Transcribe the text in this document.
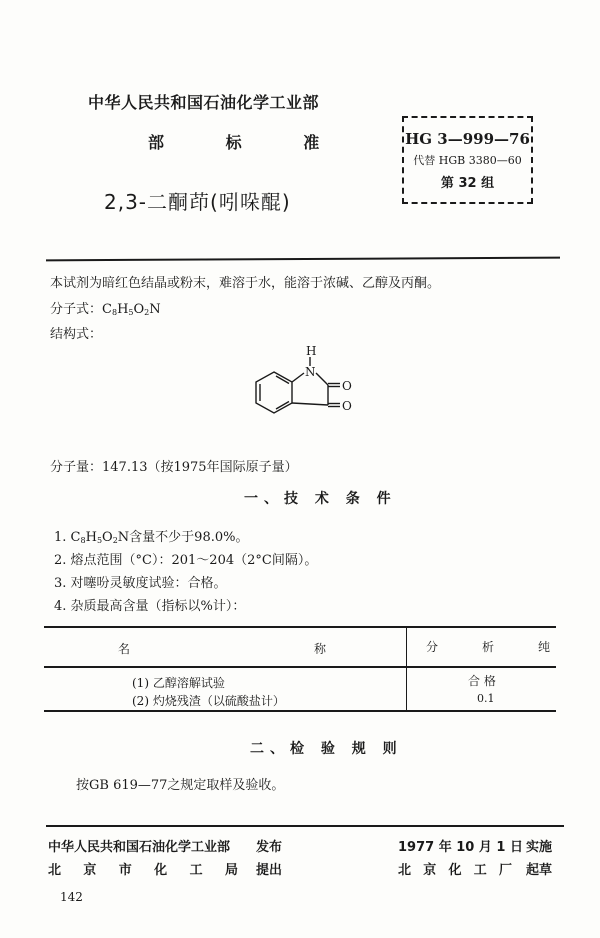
中华人民共和国石油化学工业部
部	标	准
2,3-二酮茚(吲哚醌)
HG 3—999—76
代替 HGB 3380—60
第 32 组
本试剂为暗红色结晶或粉末，难溶于水，能溶于浓碱、乙醇及丙酮。
分子式：$C_8H_5O_2N$
结构式：
H
N
O
O
分子量：147.13（按1975年国际原子量）
一、技 术 条 件
1. $C_8H_5O_2N$含量不少于98.0%。
2. 熔点范围（°C）：201～204（2°C间隔）。
3. 对噻吩灵敏度试验：合格。
4. 杂质最高含量（指标以%计）：
名	称	分	析	纯
(1) 乙醇溶解试验	合 格
(2) 灼烧残渣（以硫酸盐计）	0.1
二、检 验 规 则
按GB 619—77之规定取样及验收。
中华人民共和国石油化学工业部 发布
北 京 市 化 工 局 提出
1977 年 10 月 1 日 实施
北 京 化 工 厂 起草
142
